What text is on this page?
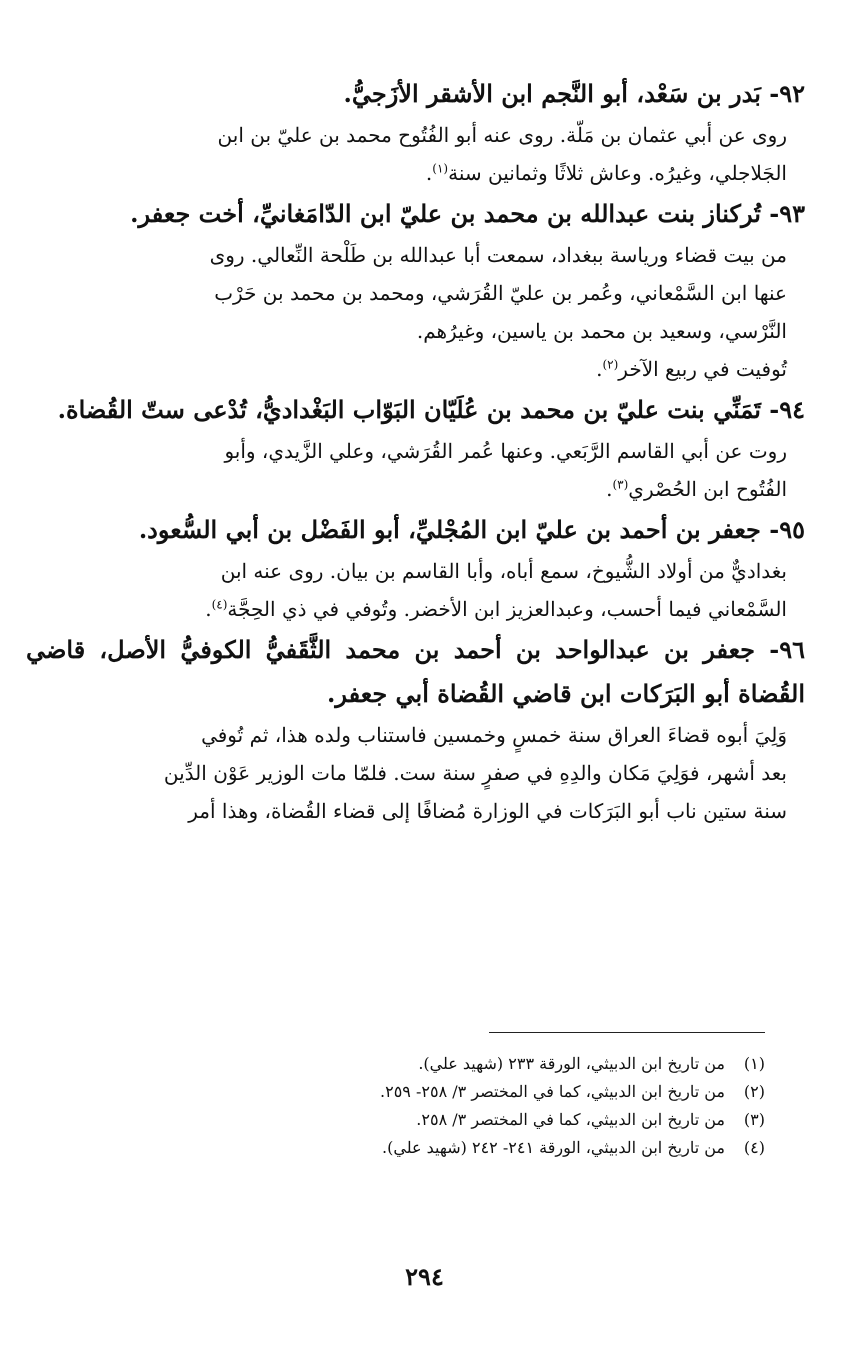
٩٢- بَدر بن سَعْد، أبو النَّجم ابن الأشقر الأزَجيُّ.

روى عن أبي عثمان بن مَلّة. روى عنه أبو الفُتُوح محمد بن عليّ بن ابن
الجَلاجلي، وغيرُه. وعاش ثلاثًا وثمانين سنة$^{(١)}$.

٩٣- تُركناز بنت عبدالله بن محمد بن عليّ ابن الدّامَغانيِّ، أخت جعفر.

من بيت قضاء ورياسة ببغداد، سمعت أبا عبدالله بن طَلْحة النِّعالي. روى
عنها ابن السَّمْعاني، وعُمر بن عليّ القُرَشي، ومحمد بن محمد بن حَرْب
النَّرْسي، وسعيد بن محمد بن ياسين، وغيرُهم.
تُوفيت في ربيع الآخر$^{(٢)}$.

٩٤- تَمَنِّي بنت عليّ بن محمد بن عُلَيّان البَوّاب البَغْداديُّ، تُدْعى ستّ القُضاة.

روت عن أبي القاسم الرَّبَعي. وعنها عُمر القُرَشي، وعلي الزَّيدي، وأبو
الفُتُوح ابن الحُصْري$^{(٣)}$.

٩٥- جعفر بن أحمد بن عليّ ابن المُجْليِّ، أبو الفَضْل بن أبي السُّعود.

بغداديٌّ من أولاد الشُّيوخ، سمع أباه، وأبا القاسم بن بيان. روى عنه ابن
السَّمْعاني فيما أحسب، وعبدالعزيز ابن الأخضر. وتُوفي في ذي الحِجَّة$^{(٤)}$.

٩٦- جعفر بن عبدالواحد بن أحمد بن محمد الثَّقَفيُّ الكوفيُّ الأصل، قاضي القُضاة أبو البَرَكات ابن قاضي القُضاة أبي جعفر.

وَلِيَ أبوه قضاءَ العراق سنة خمسٍ وخمسين فاستناب ولده هذا، ثم تُوفي
بعد أشهر، فوَلِيَ مَكان والدِهِ في صفرٍ سنة ست. فلمّا مات الوزير عَوْن الدِّين
سنة ستين ناب أبو البَرَكات في الوزارة مُضافًا إلى قضاء القُضاة، وهذا أمر

(١)
من تاريخ ابن الدبيثي، الورقة ٢٣٣ (شهيد علي).
(٢)
من تاريخ ابن الدبيثي، كما في المختصر ٣/ ٢٥٨- ٢٥٩.
(٣)
من تاريخ ابن الدبيثي، كما في المختصر ٣/ ٢٥٨.
(٤)
من تاريخ ابن الدبيثي، الورقة ٢٤١- ٢٤٢ (شهيد علي).
٢٩٤
